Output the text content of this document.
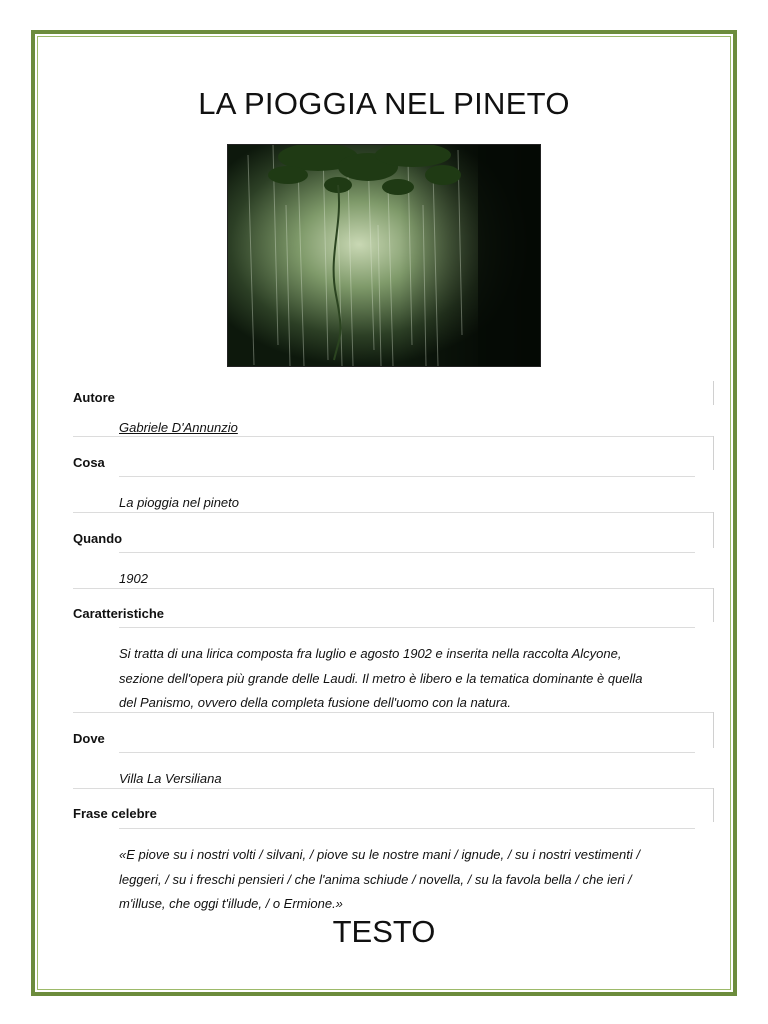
LA PIOGGIA NEL PINETO
Autore
Gabriele D'Annunzio
Cosa
La pioggia nel pineto
Quando
1902
Caratteristiche
Si tratta di una lirica composta fra luglio e agosto 1902 e inserita nella raccolta Alcyone,
sezione dell'opera più grande delle Laudi. Il metro è libero e la tematica dominante è quella
del Panismo, ovvero della completa fusione dell'uomo con la natura.
Dove
Villa La Versiliana
Frase celebre
«E piove su i nostri volti / silvani, / piove su le nostre mani / ignude, / su i nostri vestimenti /
leggeri, / su i freschi pensieri / che l'anima schiude / novella, / su la favola bella / che ieri /
m'illuse, che oggi t'illude, / o Ermione.»
TESTO
